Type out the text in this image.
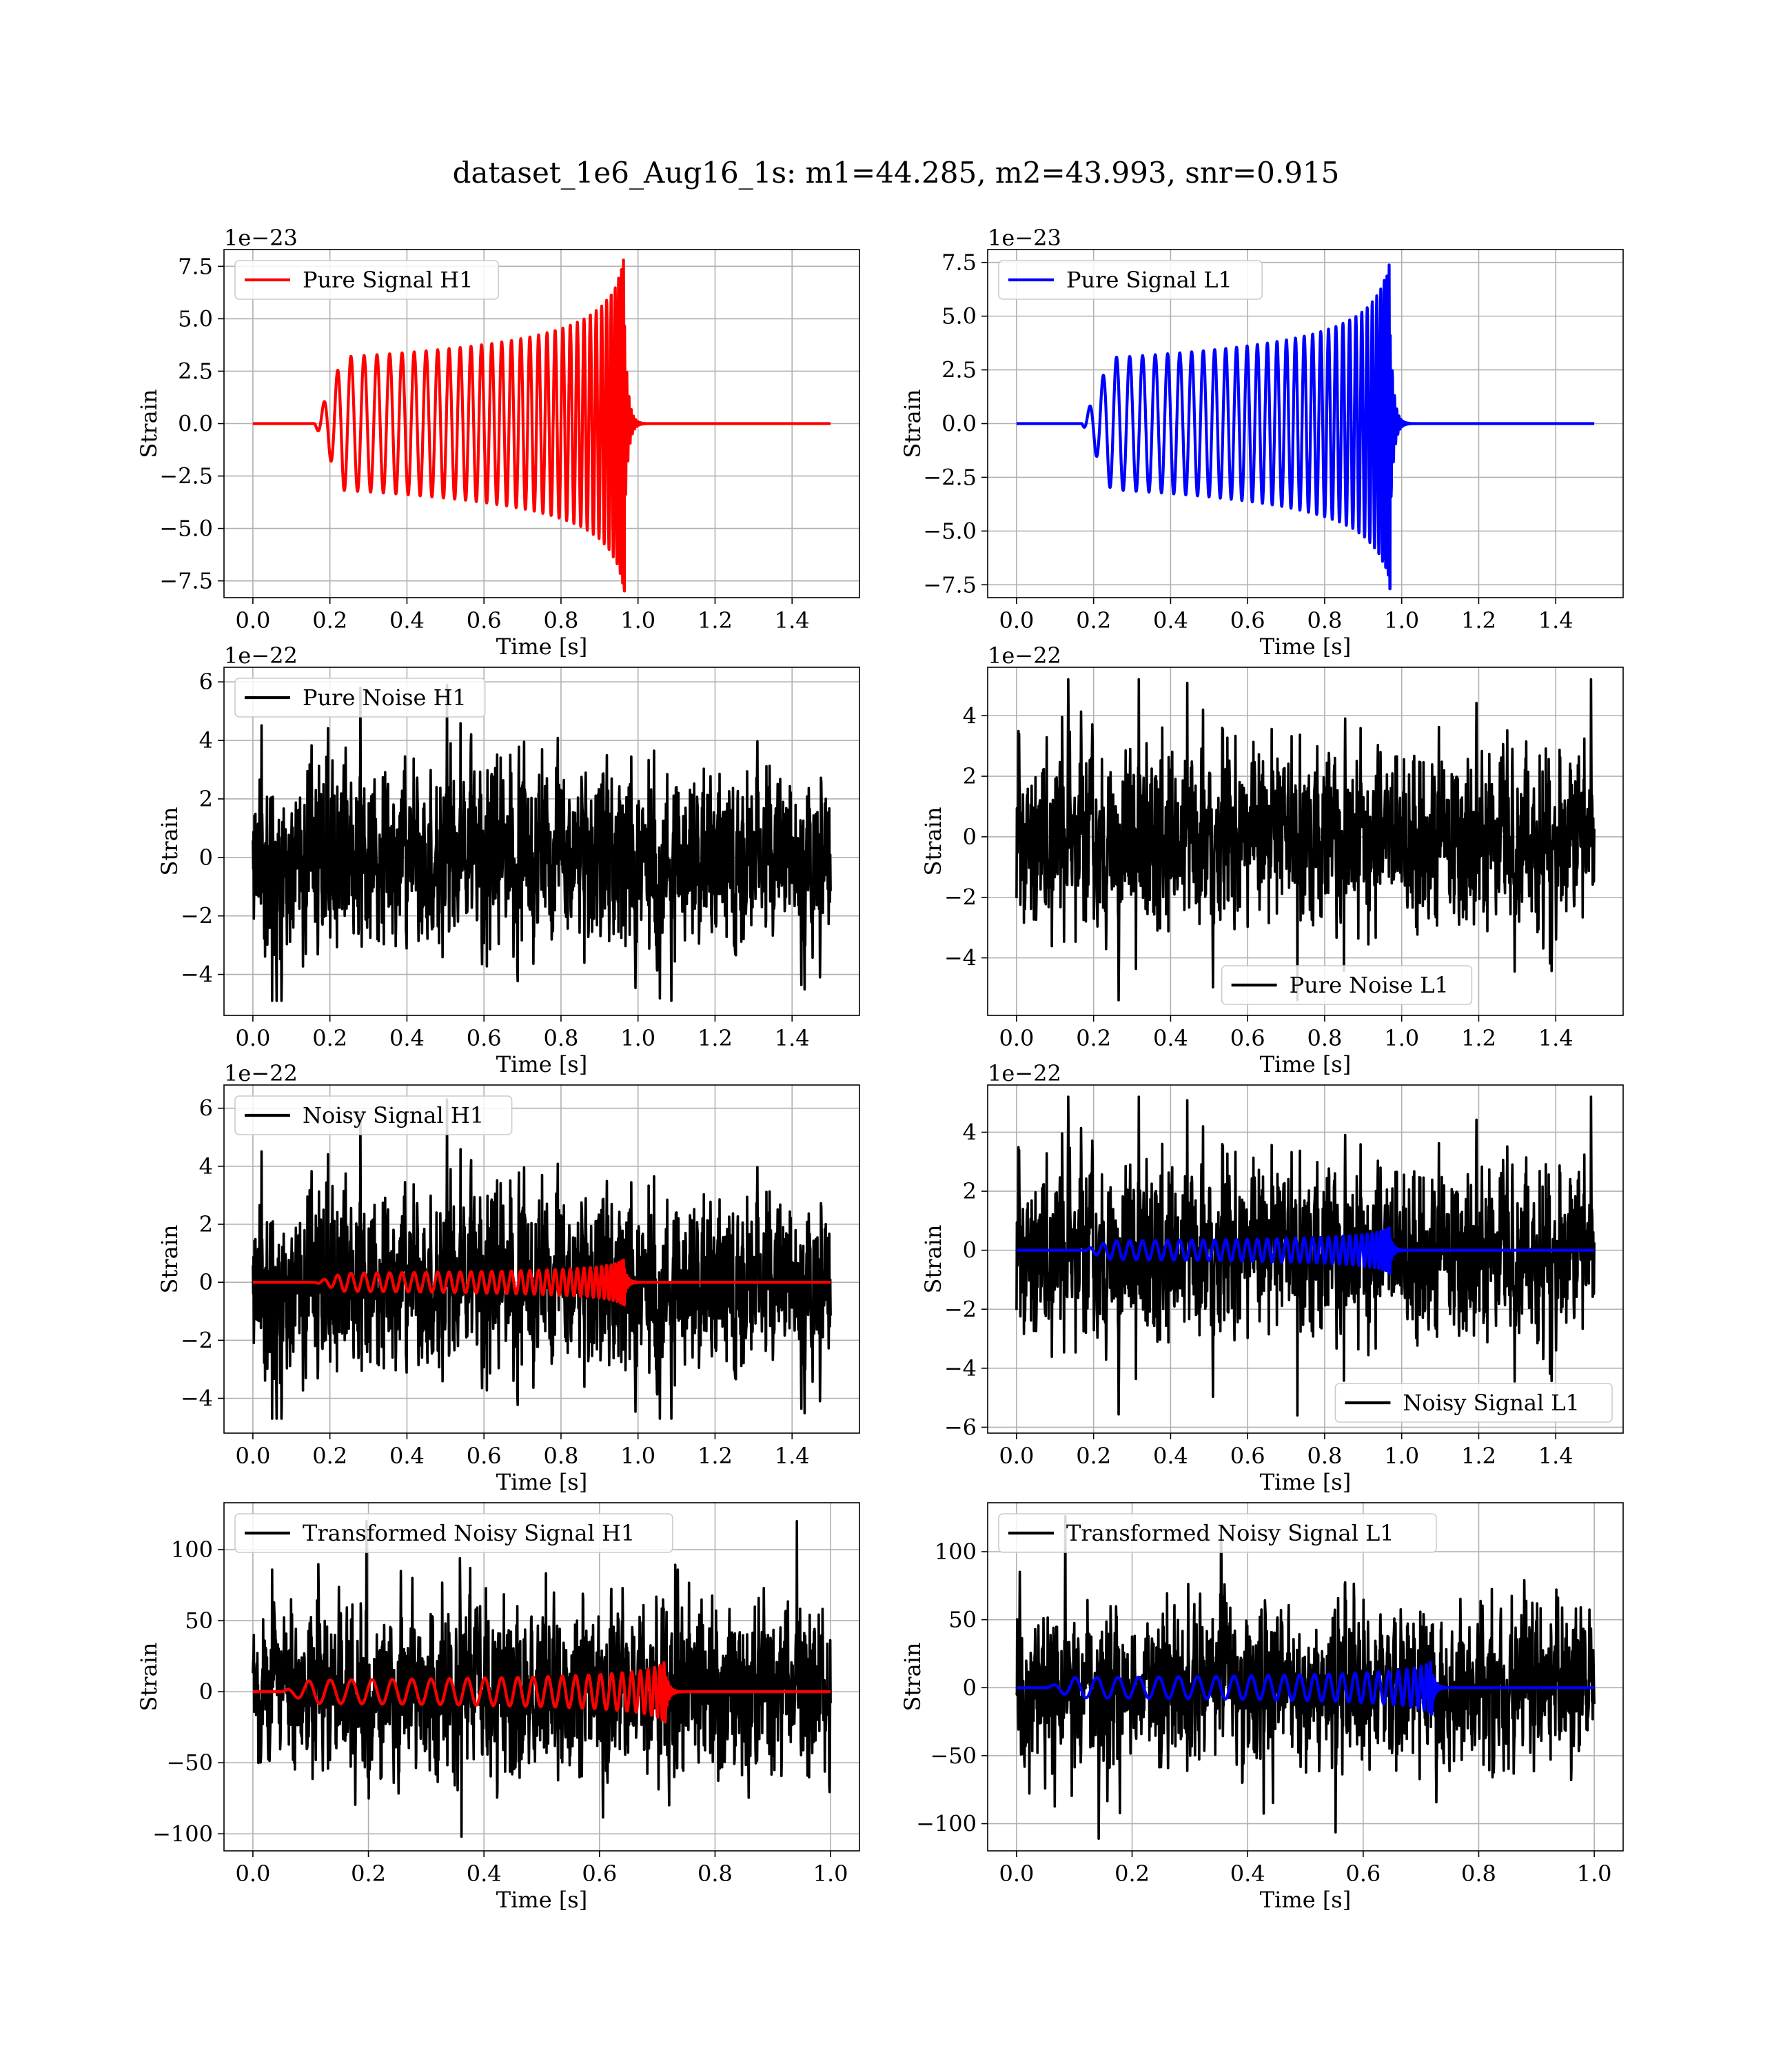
dataset_1e6_Aug16_1s: m1=44.285, m2=43.993, snr=0.915
0.0 0.2 0.4 0.6 0.8 1.0 1.2 1.4
−7.5
−5.0
−2.5
0.0
2.5
5.0
7.5
Time [s]
Strain
1e−23
Pure Signal H1
0.0 0.2 0.4 0.6 0.8 1.0 1.2 1.4
−7.5
−5.0
−2.5
0.0
2.5
5.0
7.5
Time [s]
Strain
1e−23
Pure Signal L1
0.0 0.2 0.4 0.6 0.8 1.0 1.2 1.4
−4
−2
0
2
4
6
Time [s]
Strain
1e−22
Pure Noise H1
0.0 0.2 0.4 0.6 0.8 1.0 1.2 1.4
−4
−2
0
2
4
Time [s]
Strain
1e−22
Pure Noise L1
0.0 0.2 0.4 0.6 0.8 1.0 1.2 1.4
−4
−2
0
2
4
6
Time [s]
Strain
1e−22
Noisy Signal H1
0.0 0.2 0.4 0.6 0.8 1.0 1.2 1.4
−6
−4
−2
0
2
4
Time [s]
Strain
1e−22
Noisy Signal L1
0.0	0.2	0.4	0.6	0.8	1.0
−100
−50
0
50
100
Time [s]
Strain
Transformed Noisy Signal H1
0.0	0.2	0.4	0.6	0.8	1.0
−100
−50
0
50
100
Time [s]
Strain
Transformed Noisy Signal L1
